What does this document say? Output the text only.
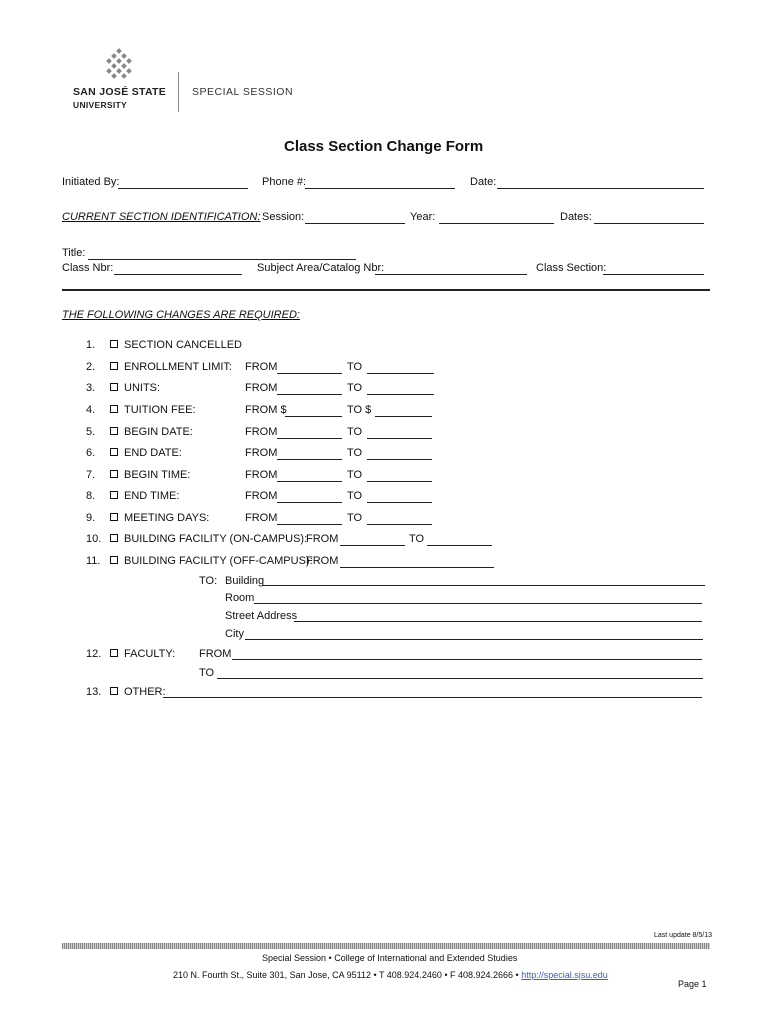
SAN JOSÉ STATE
UNIVERSITY
SPECIAL SESSION
Class Section Change Form
Initiated By:	Phone #:	Date:
CURRENT SECTION IDENTIFICATION: Session:	Year:	Dates:
Title:
Class Nbr:	Subject Area/Catalog Nbr:	Class Section:
THE FOLLOWING CHANGES ARE REQUIRED:
1.	SECTION CANCELLED
2.	ENROLLMENT LIMIT: FROM	TO
3.	UNITS:	FROM	TO
4.	TUITION FEE:	FROM $	TO $
5.	BEGIN DATE:	FROM	TO
6.	END DATE:	FROM	TO
7.	BEGIN TIME:	FROM	TO
8.	END TIME:	FROM	TO
9.	MEETING DAYS:	FROM	TO
10. BUILDING FACILITY (ON-CAMPUS):
FROM	TO
11. BUILDING FACILITY (OFF-CAMPUS):
FROM
TO: Building
Room
Street Address
City
12. FACULTY: FROM
TO
13. OTHER:
Last update 8/5/13
Special Session • College of International and Extended Studies
210 N. Fourth St., Suite 301, San Jose, CA 95112 • T 408.924.2460 • F 408.924.2666 • http://special.sjsu.edu
Page 1
